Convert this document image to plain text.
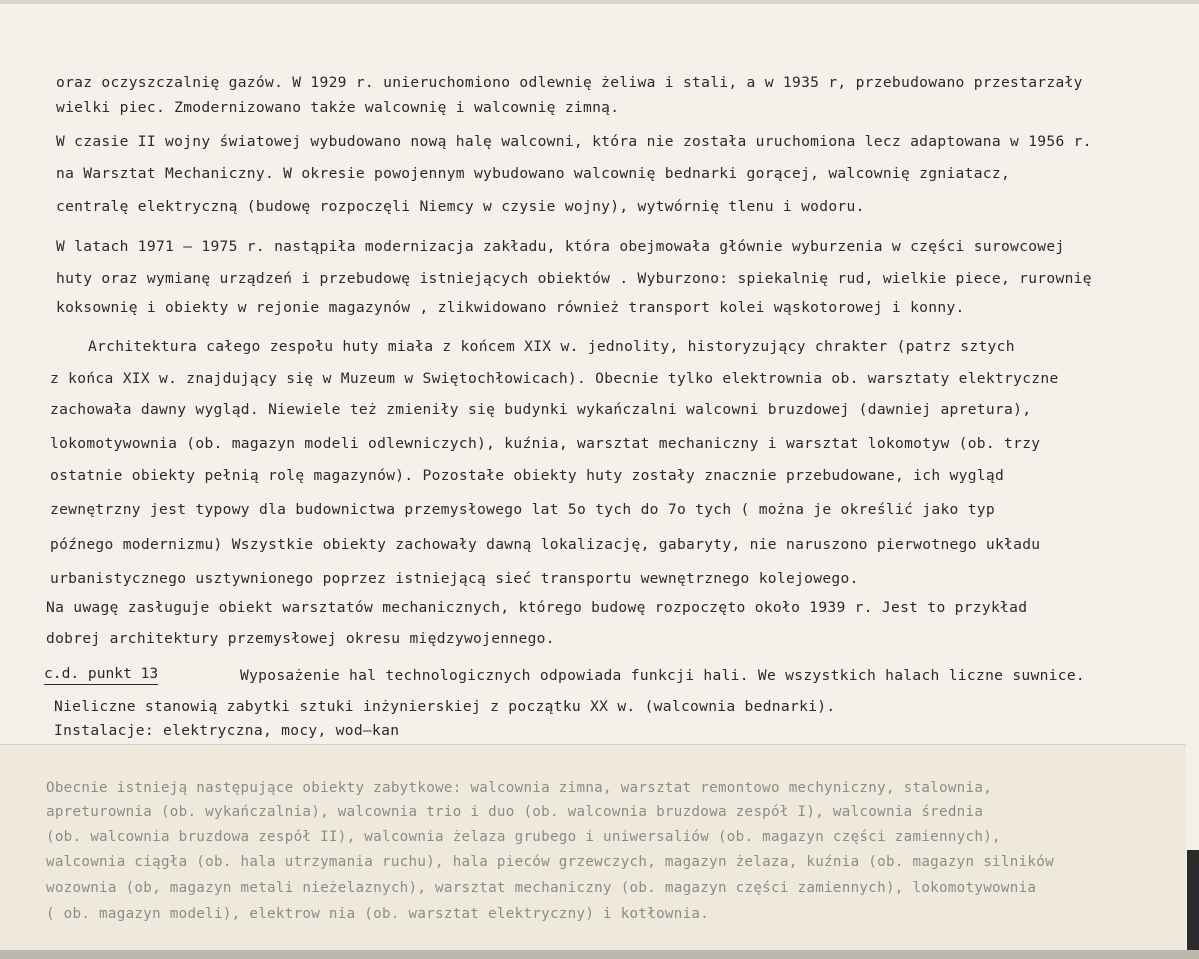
oraz oczyszczalnię gazów. W 1929 r. unieruchomiono odlewnię żeliwa i stali, a w 1935 r, przebudowano przestarzały
wielki piec. Zmodernizowano także walcownię i walcownię zimną.
W czasie II wojny światowej wybudowano nową halę walcowni, która nie została uruchomiona lecz adaptowana w 1956 r.
na Warsztat Mechaniczny. W okresie powojennym wybudowano walcownię bednarki gorącej, walcownię zgniatacz,
centralę elektryczną (budowę rozpoczęli Niemcy w czysie wojny), wytwórnię tlenu i wodoru.
W latach 1971 – 1975 r. nastąpiła modernizacja zakładu, która obejmowała głównie wyburzenia w części surowcowej
huty oraz wymianę urządzeń i przebudowę istniejących obiektów . Wyburzono: spiekalnię rud, wielkie piece, rurownię
koksownię i obiekty w rejonie magazynów , zlikwidowano również transport kolei wąskotorowej i konny.
Architektura całego zespołu huty miała z końcem XIX w. jednolity, historyzujący chrakter (patrz sztych
z końca XIX w. znajdujący się w Muzeum w Swiętochłowicach). Obecnie tylko elektrownia ob. warsztaty elektryczne
zachowała dawny wygląd. Niewiele też zmieniły się budynki wykańczalni walcowni bruzdowej (dawniej apretura),
lokomotywownia (ob. magazyn modeli odlewniczych), kuźnia, warsztat mechaniczny i warsztat lokomotyw (ob. trzy
ostatnie obiekty pełnią rolę magazynów). Pozostałe obiekty huty zostały znacznie przebudowane, ich wygląd
zewnętrzny jest typowy dla budownictwa przemysłowego lat 5o tych do 7o tych ( można je określić jako typ
późnego modernizmu) Wszystkie obiekty zachowały dawną lokalizację, gabaryty, nie naruszono pierwotnego układu
urbanistycznego usztywnionego poprzez istniejącą sieć transportu wewnętrznego kolejowego.
Na uwagę zasługuje obiekt warsztatów mechanicznych, którego budowę rozpoczęto około 1939 r. Jest to przykład
dobrej architektury przemysłowej okresu międzywojennego.
c.d. punkt 13	Wyposażenie hal technologicznych odpowiada funkcji hali. We wszystkich halach liczne suwnice.
Nieliczne stanowią zabytki sztuki inżynierskiej z początku XX w. (walcownia bednarki).
Instalacje: elektryczna, mocy, wod–kan
Obecnie istnieją następujące obiekty zabytkowe: walcownia zimna, warsztat remontowo mechyniczny, stalownia,
apreturownia (ob. wykańczalnia), walcownia trio i duo (ob. walcownia bruzdowa zespół I), walcownia średnia
(ob. walcownia bruzdowa zespół II), walcownia żelaza grubego i uniwersaliów (ob. magazyn części zamiennych),
walcownia ciągła (ob. hala utrzymania ruchu), hala pieców grzewczych, magazyn żelaza, kuźnia (ob. magazyn silników
wozownia (ob, magazyn metali nieżelaznych), warsztat mechaniczny (ob. magazyn części zamiennych), lokomotywownia
( ob. magazyn modeli), elektrow nia (ob. warsztat elektryczny) i kotłownia.
